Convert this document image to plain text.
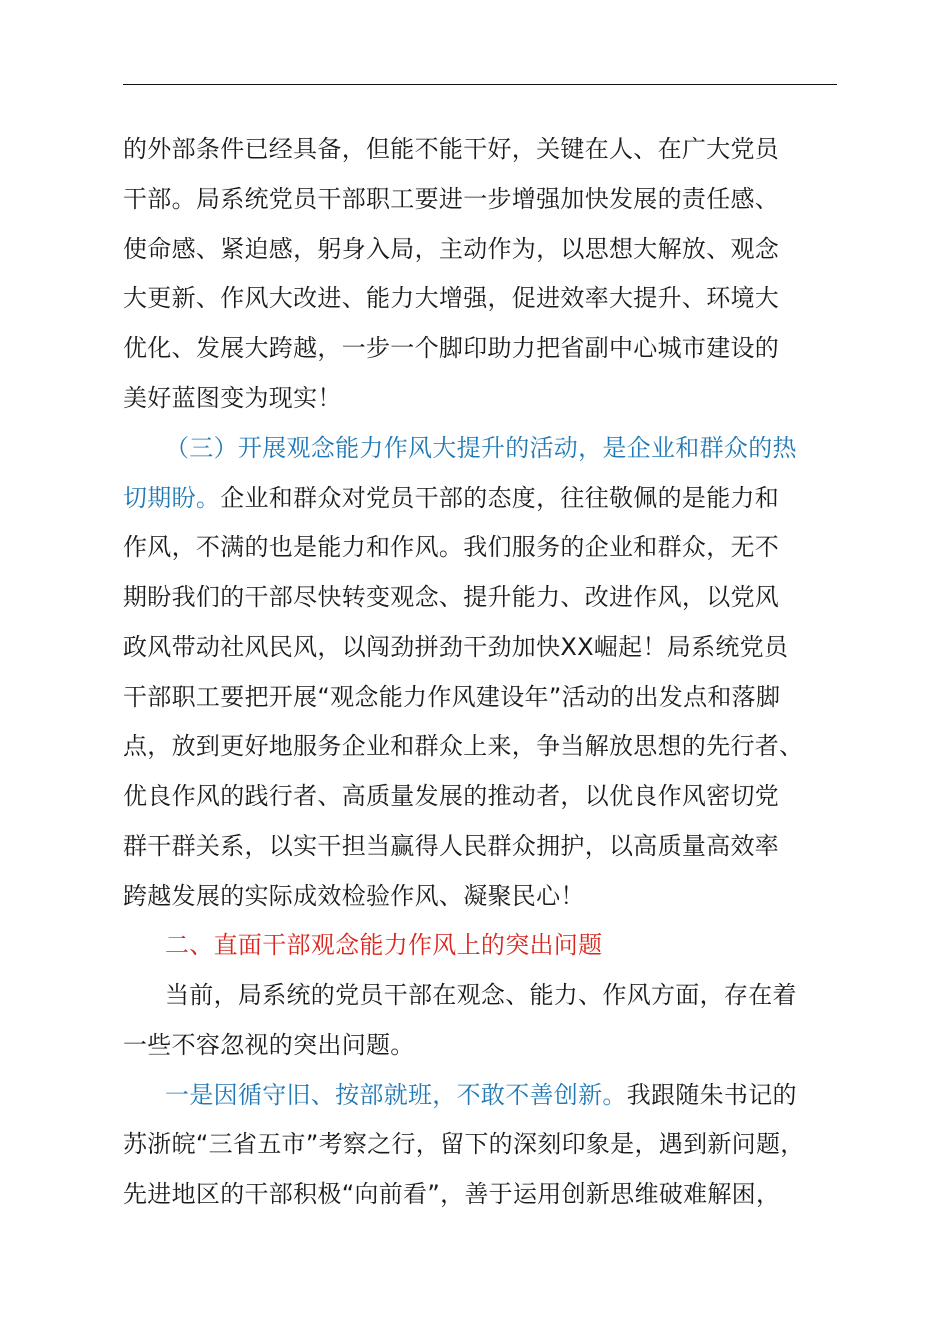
的外部条件已经具备，但能不能干好，关键在人、在广大党员
干部。局系统党员干部职工要进一步增强加快发展的责任感、
使命感、紧迫感，躬身入局，主动作为，以思想大解放、观念
大更新、作风大改进、能力大增强，促进效率大提升、环境大
优化、发展大跨越，一步一个脚印助力把省副中心城市建设的
美好蓝图变为现实！
（三）开展观念能力作风大提升的活动，是企业和群众的热
切期盼。企业和群众对党员干部的态度，往往敬佩的是能力和
作风，不满的也是能力和作风。我们服务的企业和群众，无不
期盼我们的干部尽快转变观念、提升能力、改进作风，以党风
政风带动社风民风，以闯劲拼劲干劲加快XX崛起！局系统党员
干部职工要把开展“观念能力作风建设年”活动的出发点和落脚
点，放到更好地服务企业和群众上来，争当解放思想的先行者、
优良作风的践行者、高质量发展的推动者，以优良作风密切党
群干群关系，以实干担当赢得人民群众拥护，以高质量高效率
跨越发展的实际成效检验作风、凝聚民心！
二、直面干部观念能力作风上的突出问题
当前，局系统的党员干部在观念、能力、作风方面，存在着
一些不容忽视的突出问题。
一是因循守旧、按部就班，不敢不善创新。我跟随朱书记的
苏浙皖“三省五市”考察之行，留下的深刻印象是，遇到新问题，
先进地区的干部积极“向前看”，善于运用创新思维破难解困，
